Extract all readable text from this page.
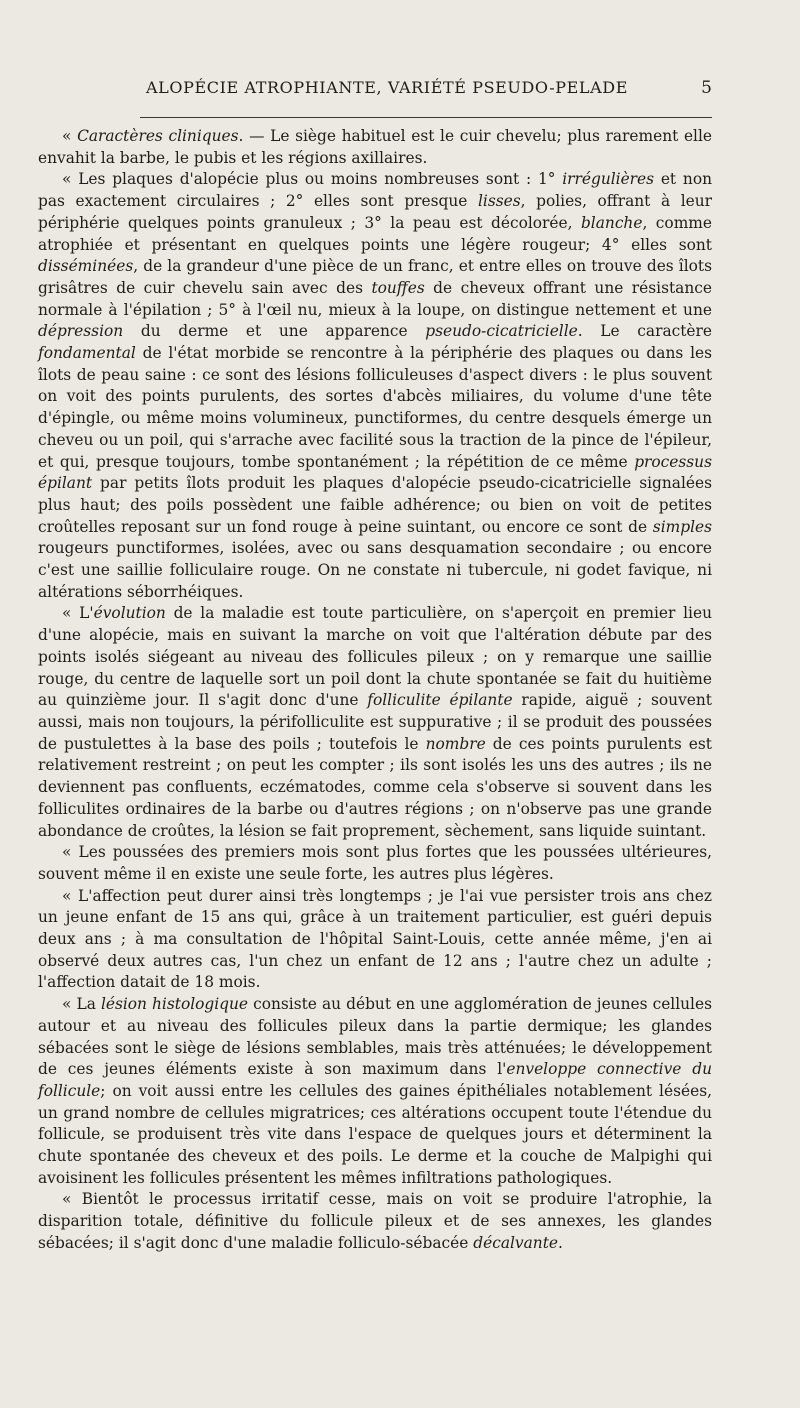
ALOPÉCIE ATROPHIANTE, VARIÉTÉ PSEUDO-PELADE	5

« Caractères cliniques. — Le siège habituel est le cuir chevelu; plus rarement elle envahit la barbe, le pubis et les régions axillaires.

« Les plaques d'alopécie plus ou moins nombreuses sont : 1° irrégulières et non pas exactement circulaires ; 2° elles sont presque lisses, polies, offrant à leur périphérie quelques points granuleux ; 3° la peau est décolorée, blanche, comme atrophiée et présentant en quelques points une légère rougeur; 4° elles sont disséminées, de la grandeur d'une pièce de un franc, et entre elles on trouve des îlots grisâtres de cuir chevelu sain avec des touffes de cheveux offrant une résistance normale à l'épilation ; 5° à l'œil nu, mieux à la loupe, on distingue nettement et une dépression du derme et une apparence pseudo-cicatricielle. Le caractère fondamental de l'état morbide se rencontre à la périphérie des plaques ou dans les îlots de peau saine : ce sont des lésions folliculeuses d'aspect divers : le plus souvent on voit des points purulents, des sortes d'abcès miliaires, du volume d'une tête d'épingle, ou même moins volumineux, punctiformes, du centre desquels émerge un cheveu ou un poil, qui s'arrache avec facilité sous la traction de la pince de l'épileur, et qui, presque toujours, tombe spontanément ; la répétition de ce même processus épilant par petits îlots produit les plaques d'alopécie pseudo-cicatricielle signalées plus haut; des poils possèdent une faible adhérence; ou bien on voit de petites croûtelles reposant sur un fond rouge à peine suintant, ou encore ce sont de simples rougeurs punctiformes, isolées, avec ou sans desquamation secondaire ; ou encore c'est une saillie folliculaire rouge. On ne constate ni tubercule, ni godet favique, ni altérations séborrhéiques.

« L'évolution de la maladie est toute particulière, on s'aperçoit en premier lieu d'une alopécie, mais en suivant la marche on voit que l'altération débute par des points isolés siégeant au niveau des follicules pileux ; on y remarque une saillie rouge, du centre de laquelle sort un poil dont la chute spontanée se fait du huitième au quinzième jour. Il s'agit donc d'une folliculite épilante rapide, aiguë ; souvent aussi, mais non toujours, la périfolliculite est suppurative ; il se produit des poussées de pustulettes à la base des poils ; toutefois le nombre de ces points purulents est relativement restreint ; on peut les compter ; ils sont isolés les uns des autres ; ils ne deviennent pas confluents, eczématodes, comme cela s'observe si souvent dans les folliculites ordinaires de la barbe ou d'autres régions ; on n'observe pas une grande abondance de croûtes, la lésion se fait proprement, sèchement, sans liquide suintant.

« Les poussées des premiers mois sont plus fortes que les poussées ultérieures, souvent même il en existe une seule forte, les autres plus légères.

« L'affection peut durer ainsi très longtemps ; je l'ai vue persister trois ans chez un jeune enfant de 15 ans qui, grâce à un traitement particulier, est guéri depuis deux ans ; à ma consultation de l'hôpital Saint-Louis, cette année même, j'en ai observé deux autres cas, l'un chez un enfant de 12 ans ; l'autre chez un adulte ; l'affection datait de 18 mois.

« La lésion histologique consiste au début en une agglomération de jeunes cellules autour et au niveau des follicules pileux dans la partie dermique; les glandes sébacées sont le siège de lésions semblables, mais très atténuées; le développement de ces jeunes éléments existe à son maximum dans l'enveloppe connective du follicule; on voit aussi entre les cellules des gaines épithéliales notablement lésées, un grand nombre de cellules migratrices; ces altérations occupent toute l'étendue du follicule, se produisent très vite dans l'espace de quelques jours et déterminent la chute spontanée des cheveux et des poils. Le derme et la couche de Malpighi qui avoisinent les follicules présentent les mêmes infiltrations pathologiques.

« Bientôt le processus irritatif cesse, mais on voit se produire l'atrophie, la disparition totale, définitive du follicule pileux et de ses annexes, les glandes sébacées; il s'agit donc d'une maladie folliculo-sébacée décalvante.
